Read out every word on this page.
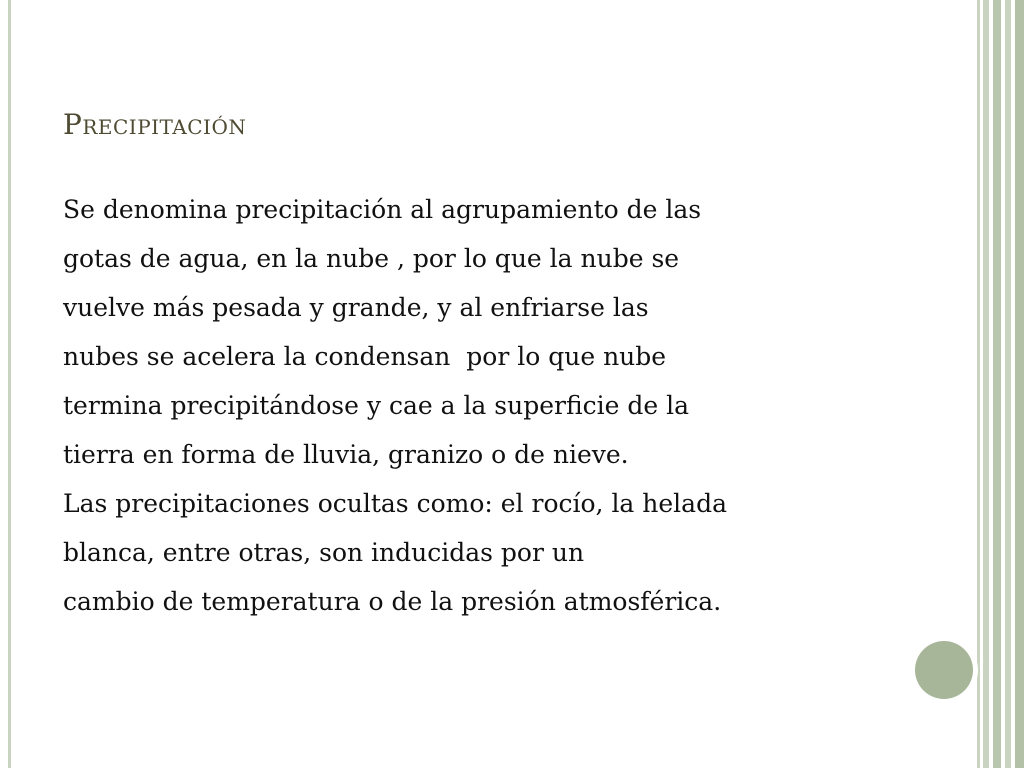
Precipitación
Se denomina precipitación al agrupamiento de las
gotas de agua, en la nube , por lo que la nube se
vuelve más pesada y grande, y al enfriarse las
nubes se acelera la condensan  por lo que nube
termina precipitándose y cae a la superficie de la
tierra en forma de lluvia, granizo o de nieve.
Las precipitaciones ocultas como: el rocío, la helada
blanca, entre otras, son inducidas por un
cambio de temperatura o de la presión atmosférica.
